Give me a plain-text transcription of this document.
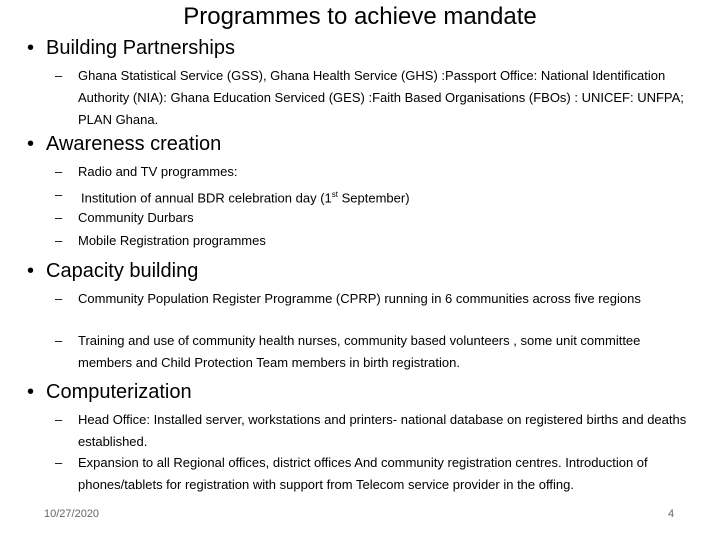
Programmes to achieve mandate
• Building Partnerships
– Ghana Statistical Service (GSS), Ghana Health Service (GHS) :Passport Office: National Identification Authority (NIA): Ghana Education Serviced (GES) :Faith Based Organisations (FBOs) : UNICEF: UNFPA; PLAN Ghana.
• Awareness creation
– Radio and TV programmes:
– Institution of annual BDR celebration day (1st September)
– Community Durbars
– Mobile Registration programmes
• Capacity building
– Community Population Register Programme (CPRP) running in 6 communities across five regions
– Training and use of community health nurses, community based volunteers , some unit committee members and Child Protection Team members in birth registration.
• Computerization
– Head Office: Installed server, workstations and printers- national database on registered births and deaths established.
– Expansion to all Regional offices, district offices And community registration centres. Introduction of phones/tablets for registration with support from Telecom service provider in the offing.
10/27/2020	4
